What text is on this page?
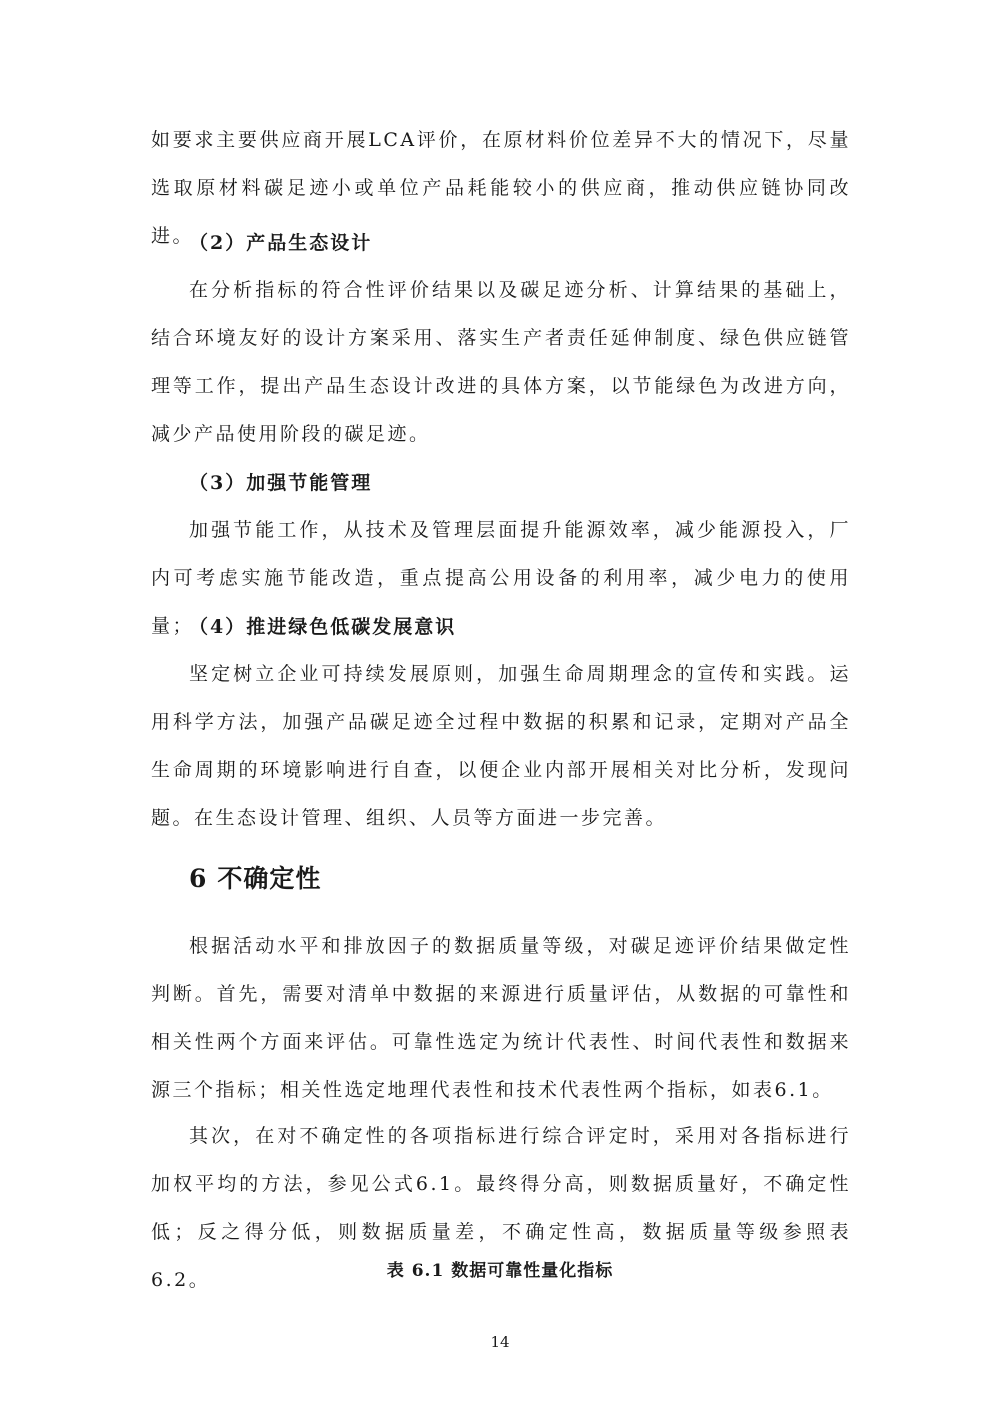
如要求主要供应商开展LCA评价，在原材料价位差异不大的情况下，尽量选取原材料碳足迹小或单位产品耗能较小的供应商，推动供应链协同改进。

（2）产品生态设计

在分析指标的符合性评价结果以及碳足迹分析、计算结果的基础上，结合环境友好的设计方案采用、落实生产者责任延伸制度、绿色供应链管理等工作，提出产品生态设计改进的具体方案，以节能绿色为改进方向，减少产品使用阶段的碳足迹。

（3）加强节能管理

加强节能工作，从技术及管理层面提升能源效率，减少能源投入，厂内可考虑实施节能改造，重点提高公用设备的利用率，减少电力的使用量；

（4）推进绿色低碳发展意识

坚定树立企业可持续发展原则，加强生命周期理念的宣传和实践。运用科学方法，加强产品碳足迹全过程中数据的积累和记录，定期对产品全生命周期的环境影响进行自查，以便企业内部开展相关对比分析，发现问题。在生态设计管理、组织、人员等方面进一步完善。

6 不确定性

根据活动水平和排放因子的数据质量等级，对碳足迹评价结果做定性判断。首先，需要对清单中数据的来源进行质量评估，从数据的可靠性和相关性两个方面来评估。可靠性选定为统计代表性、时间代表性和数据来源三个指标；相关性选定地理代表性和技术代表性两个指标，如表6.1。

其次，在对不确定性的各项指标进行综合评定时，采用对各指标进行加权平均的方法，参见公式6.1。最终得分高，则数据质量好，不确定性低；反之得分低，则数据质量差，不确定性高，数据质量等级参照表6.2。	表 6.1 数据可靠性量化指标

14
